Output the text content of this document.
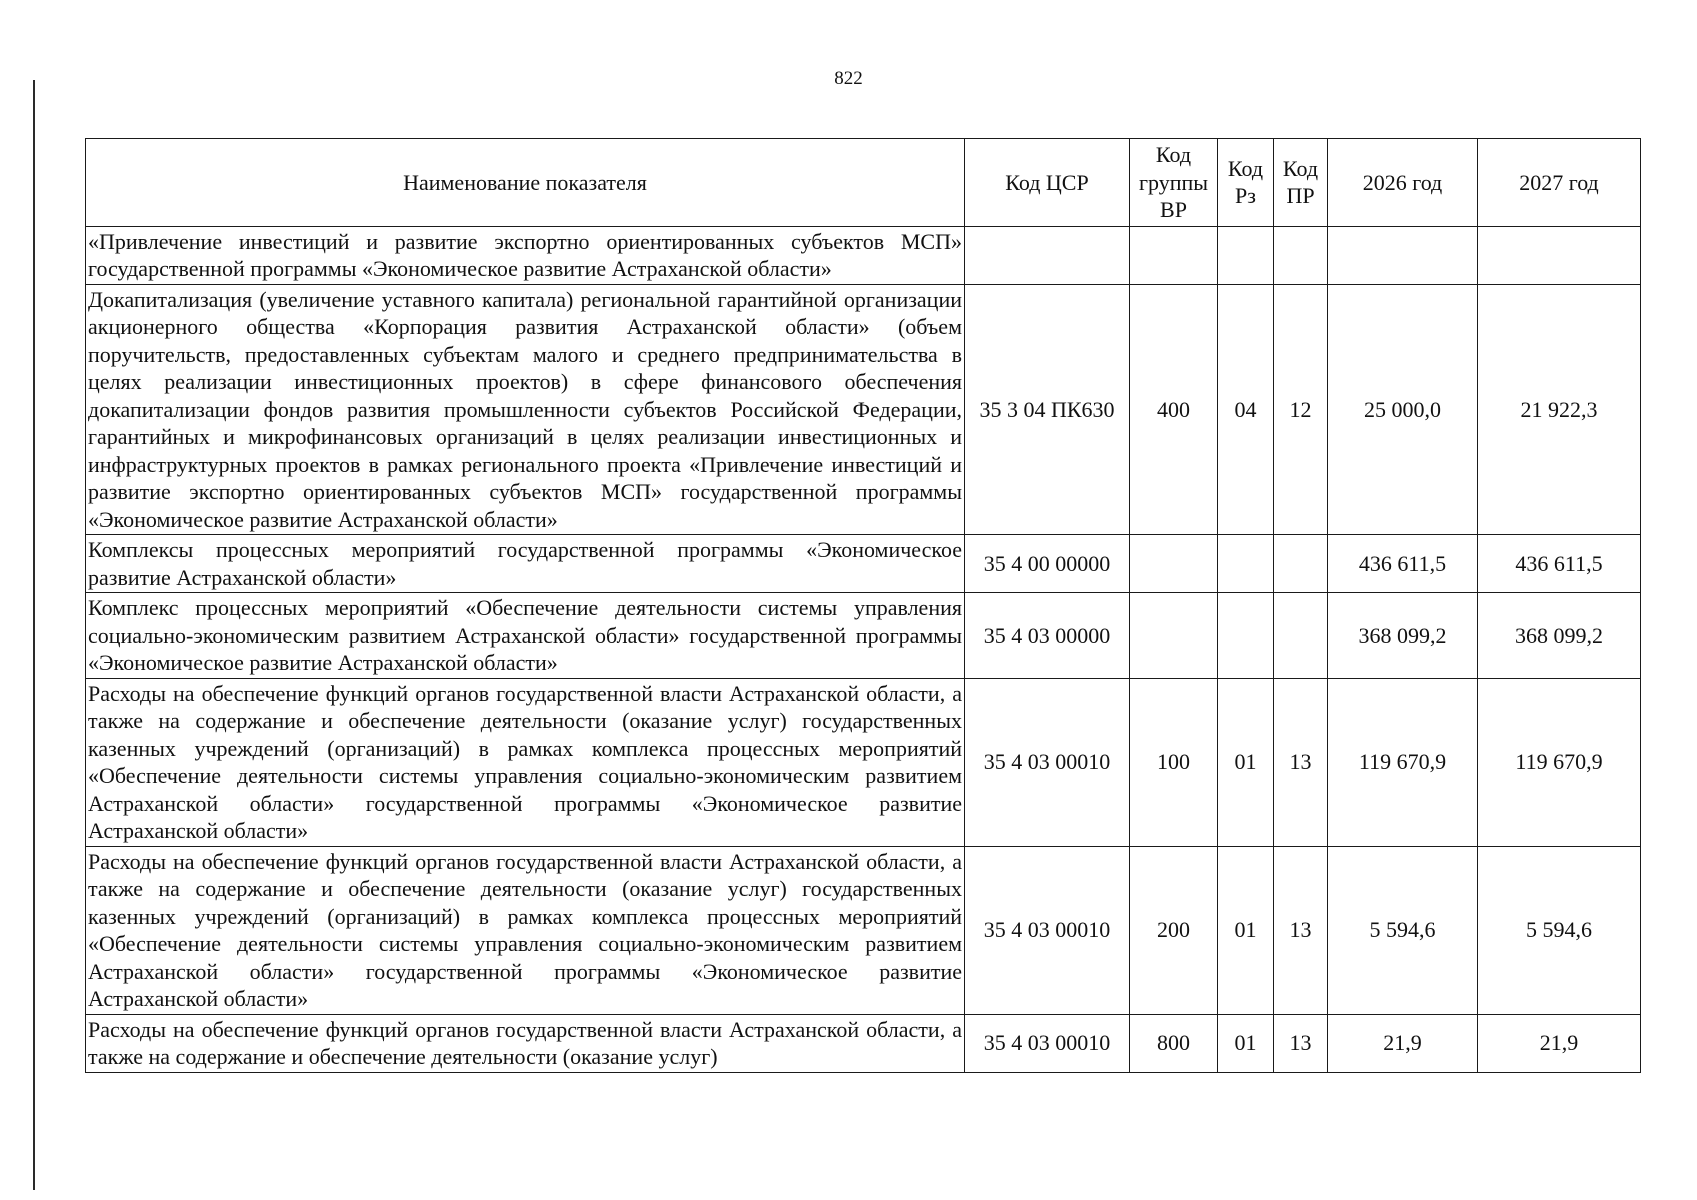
822
Наименование показателя	Код ЦСР	Код группы ВР	Код Рз	Код ПР	2026 год	2027 год
«Привлечение инвестиций и развитие экспортно ориентированных субъектов МСП» государственной программы «Экономическое развитие Астраханской области»						
Докапитализация (увеличение уставного капитала) региональной гарантийной организации акционерного общества «Корпорация развития Астраханской области» (объем поручительств, предоставленных субъектам малого и среднего предпринимательства в целях реализации инвестиционных проектов) в сфере финансового обеспечения докапитализации фондов развития промышленности субъектов Российской Федерации, гарантийных и микрофинансовых организаций в целях реализации инвестиционных и инфраструктурных проектов в рамках регионального проекта «Привлечение инвестиций и развитие экспортно ориентированных субъектов МСП» государственной программы «Экономическое развитие Астраханской области»	35 3 04 ПК630	400	04	12	25 000,0	21 922,3
Комплексы процессных мероприятий государственной программы «Экономическое развитие Астраханской области»	35 4 00 00000				436 611,5	436 611,5
Комплекс процессных мероприятий «Обеспечение деятельности системы управления социально-экономическим развитием Астраханской области» государственной программы «Экономическое развитие Астраханской области»	35 4 03 00000				368 099,2	368 099,2
Расходы на обеспечение функций органов государственной власти Астраханской области, а также на содержание и обеспечение деятельности (оказание услуг) государственных казенных учреждений (организаций) в рамках комплекса процессных мероприятий «Обеспечение деятельности системы управления социально-экономическим развитием Астраханской области» государственной программы «Экономическое развитие Астраханской области»	35 4 03 00010	100	01	13	119 670,9	119 670,9
Расходы на обеспечение функций органов государственной власти Астраханской области, а также на содержание и обеспечение деятельности (оказание услуг) государственных казенных учреждений (организаций) в рамках комплекса процессных мероприятий «Обеспечение деятельности системы управления социально-экономическим развитием Астраханской области» государственной программы «Экономическое развитие Астраханской области»	35 4 03 00010	200	01	13	5 594,6	5 594,6
Расходы на обеспечение функций органов государственной власти Астраханской области, а также на содержание и обеспечение деятельности (оказание услуг)	35 4 03 00010	800	01	13	21,9	21,9
